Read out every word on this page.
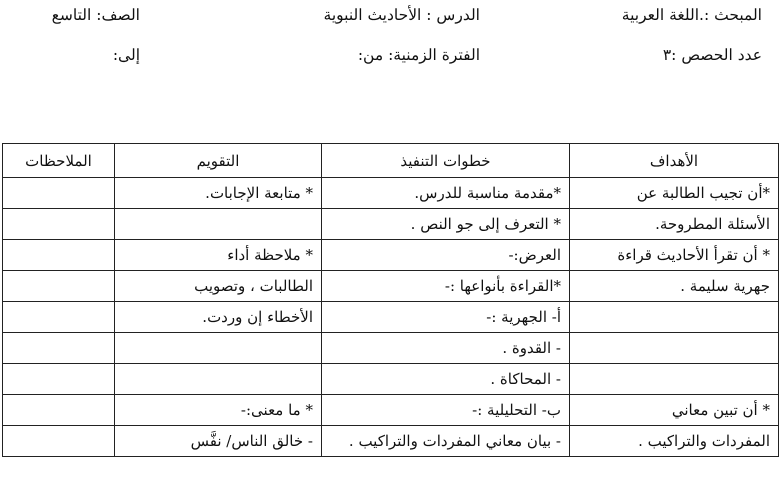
المبحث :.اللغة العربية
الدرس : الأحاديث النبوية
الصف: التاسع
عدد الحصص :٣
الفترة الزمنية: من:
إلى:
الأهداف	خطوات التنفيذ	التقويم	الملاحظات
*أن تجيب الطالبة عن	*مقدمة مناسبة للدرس.	* متابعة الإجابات.	
الأسئلة المطروحة.	* التعرف إلى جو النص .		
* أن تقرأ الأحاديث قراءة	العرض:-	* ملاحظة أداء	
جهرية سليمة .	*القراءة بأنواعها :-	الطالبات ، وتصويب	
	أ- الجهرية :-	الأخطاء إن وردت.	
	- القدوة .		
	- المحاكاة .		
* أن تبين معاني	ب- التحليلية :-	* ما معنى:-	
المفردات والتراكيب .	- بيان معاني المفردات والتراكيب .	- خالق الناس/ نفَّس	
